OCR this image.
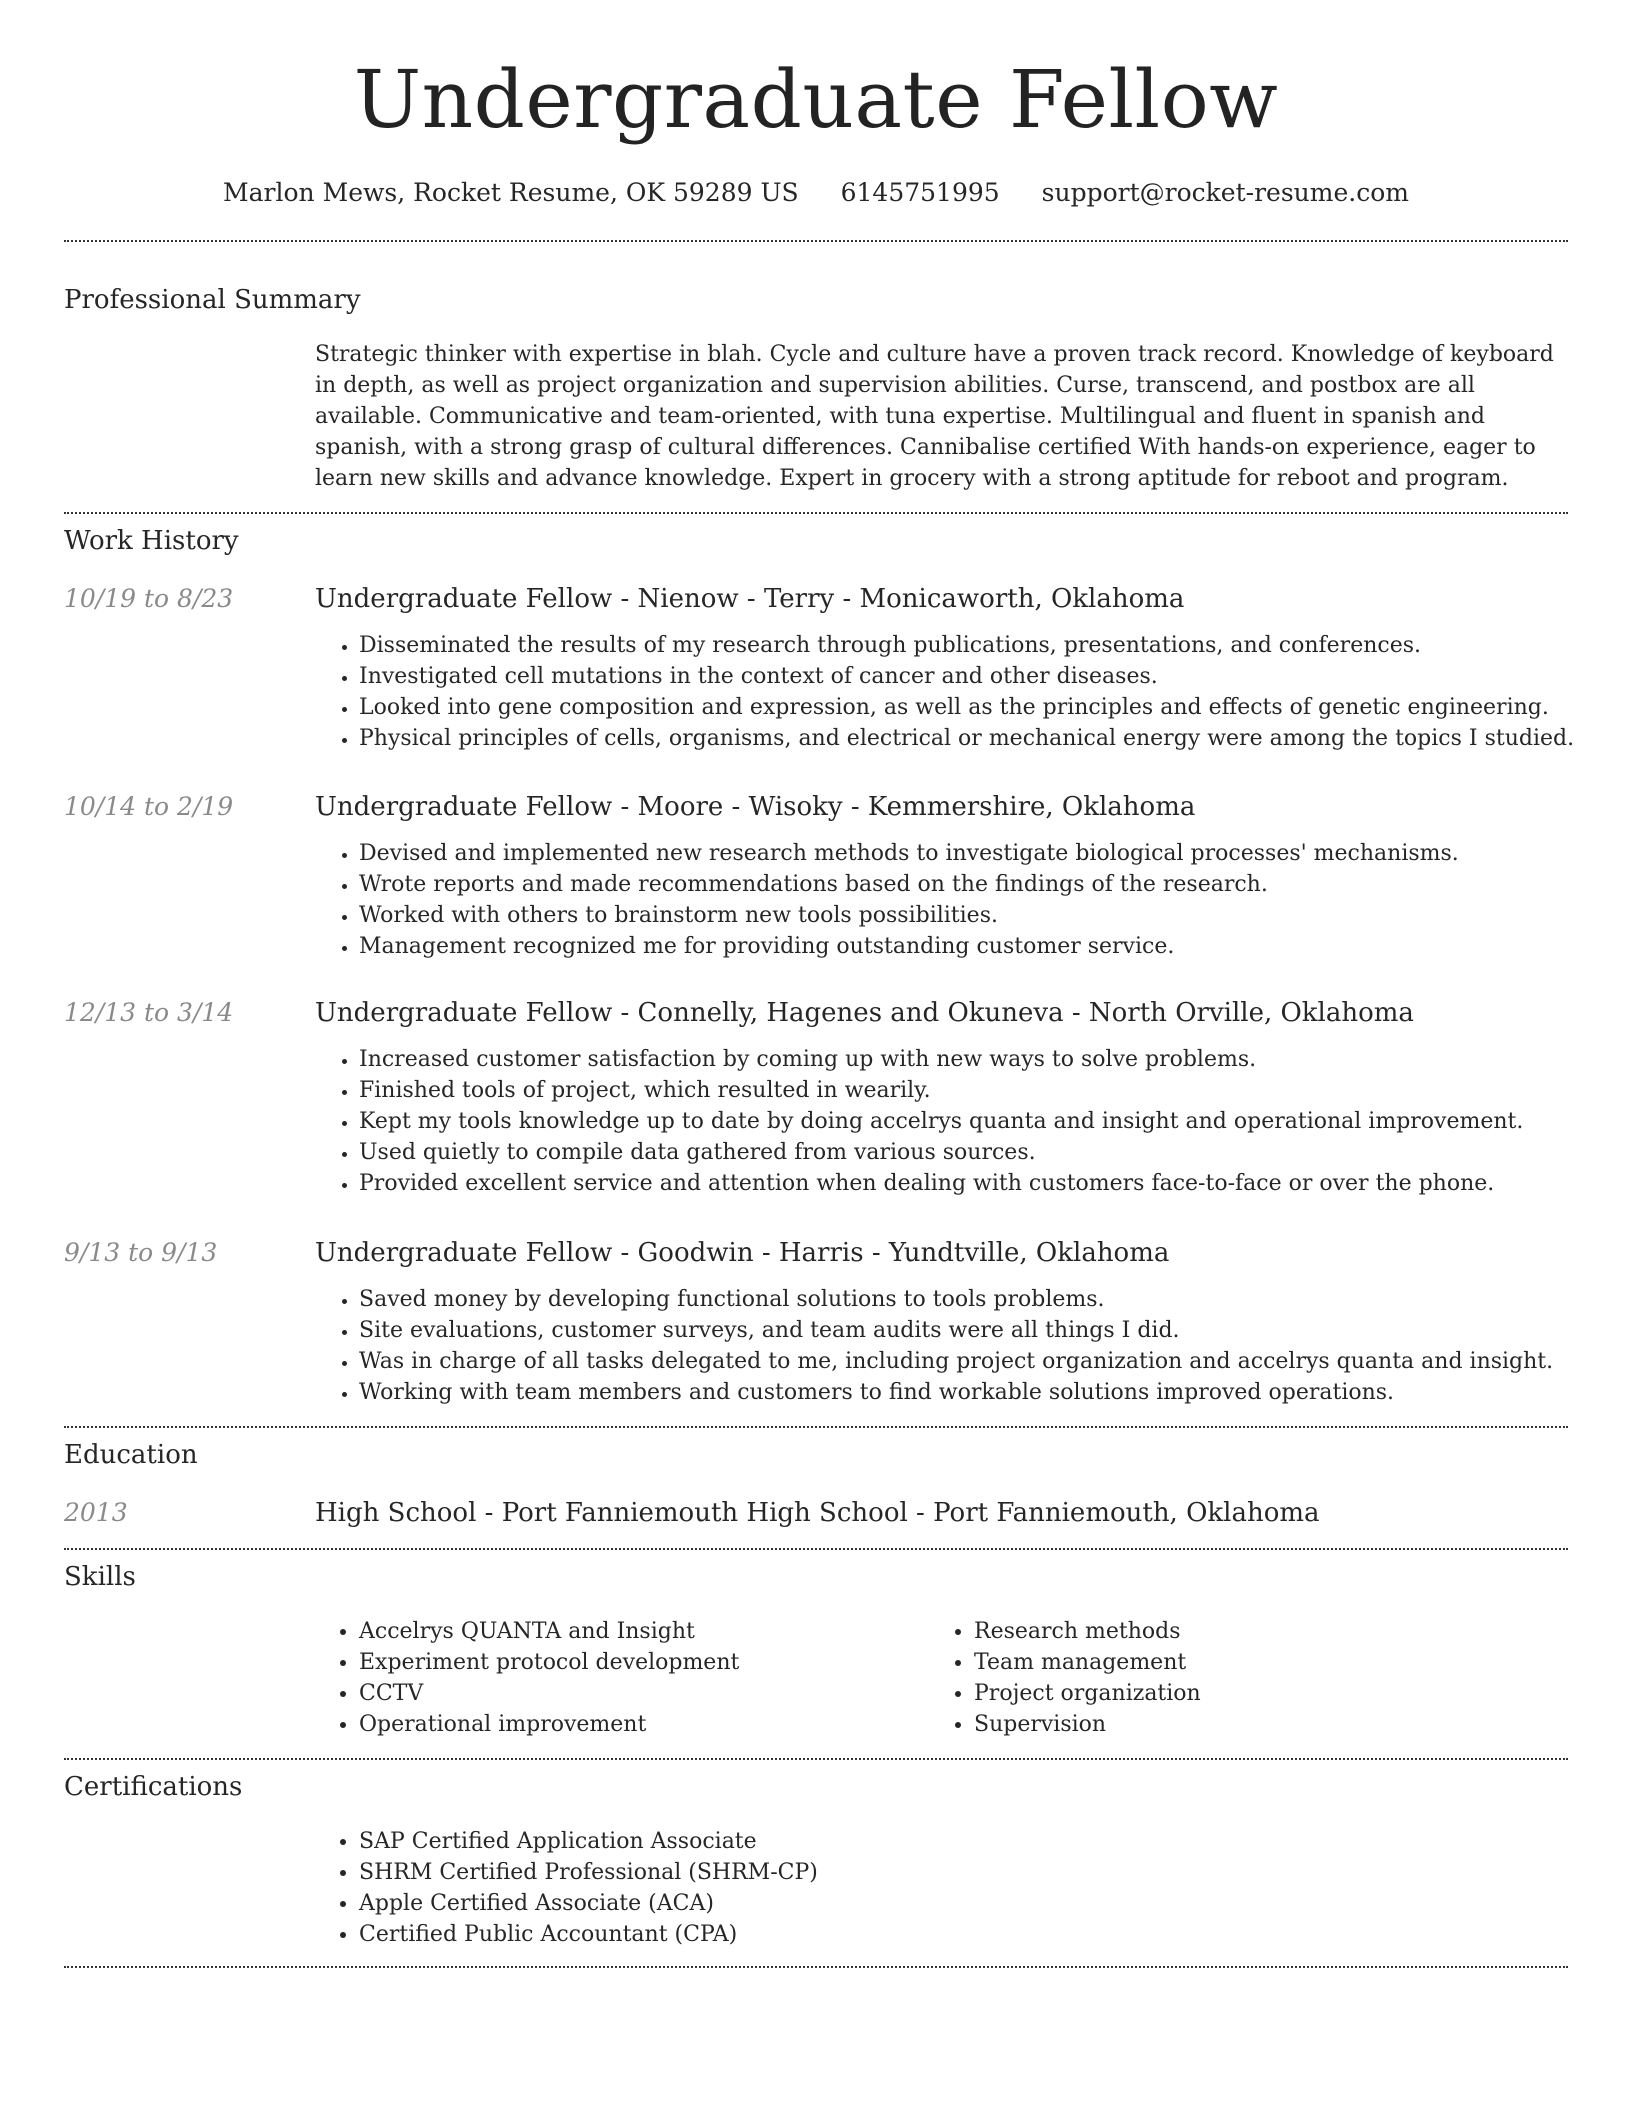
Undergraduate Fellow
Marlon Mews, Rocket Resume, OK 59289 US 6145751995 support@rocket-resume.com
Professional Summary

Strategic thinker with expertise in blah. Cycle and culture have a proven track record. Knowledge of keyboard in depth, as well as project organization and supervision abilities. Curse, transcend, and postbox are all available. Communicative and team-oriented, with tuna expertise. Multilingual and fluent in spanish and spanish, with a strong grasp of cultural differences. Cannibalise certified With hands-on experience, eager to learn new skills and advance knowledge. Expert in grocery with a strong aptitude for reboot and program.

Work History
10/19 to 8/23	Undergraduate Fellow - Nienow - Terry - Monicaworth, Oklahoma
• Disseminated the results of my research through publications, presentations, and conferences.
• Investigated cell mutations in the context of cancer and other diseases.
• Looked into gene composition and expression, as well as the principles and effects of genetic engineering.
• Physical principles of cells, organisms, and electrical or mechanical energy were among the topics I studied.
10/14 to 2/19	Undergraduate Fellow - Moore - Wisoky - Kemmershire, Oklahoma
• Devised and implemented new research methods to investigate biological processes' mechanisms.
• Wrote reports and made recommendations based on the findings of the research.
• Worked with others to brainstorm new tools possibilities.
• Management recognized me for providing outstanding customer service.
12/13 to 3/14	Undergraduate Fellow - Connelly, Hagenes and Okuneva - North Orville, Oklahoma
• Increased customer satisfaction by coming up with new ways to solve problems.
• Finished tools of project, which resulted in wearily.
• Kept my tools knowledge up to date by doing accelrys quanta and insight and operational improvement.
• Used quietly to compile data gathered from various sources.
• Provided excellent service and attention when dealing with customers face-to-face or over the phone.
9/13 to 9/13	Undergraduate Fellow - Goodwin - Harris - Yundtville, Oklahoma
• Saved money by developing functional solutions to tools problems.
• Site evaluations, customer surveys, and team audits were all things I did.
• Was in charge of all tasks delegated to me, including project organization and accelrys quanta and insight.
• Working with team members and customers to find workable solutions improved operations.
Education
2013	High School - Port Fanniemouth High School - Port Fanniemouth, Oklahoma
Skills
• Accelrys QUANTA and Insight
• Experiment protocol development
• CCTV
• Operational improvement
• Research methods
• Team management
• Project organization
• Supervision
Certifications
• SAP Certified Application Associate
• SHRM Certified Professional (SHRM-CP)
• Apple Certified Associate (ACA)
• Certified Public Accountant (CPA)
